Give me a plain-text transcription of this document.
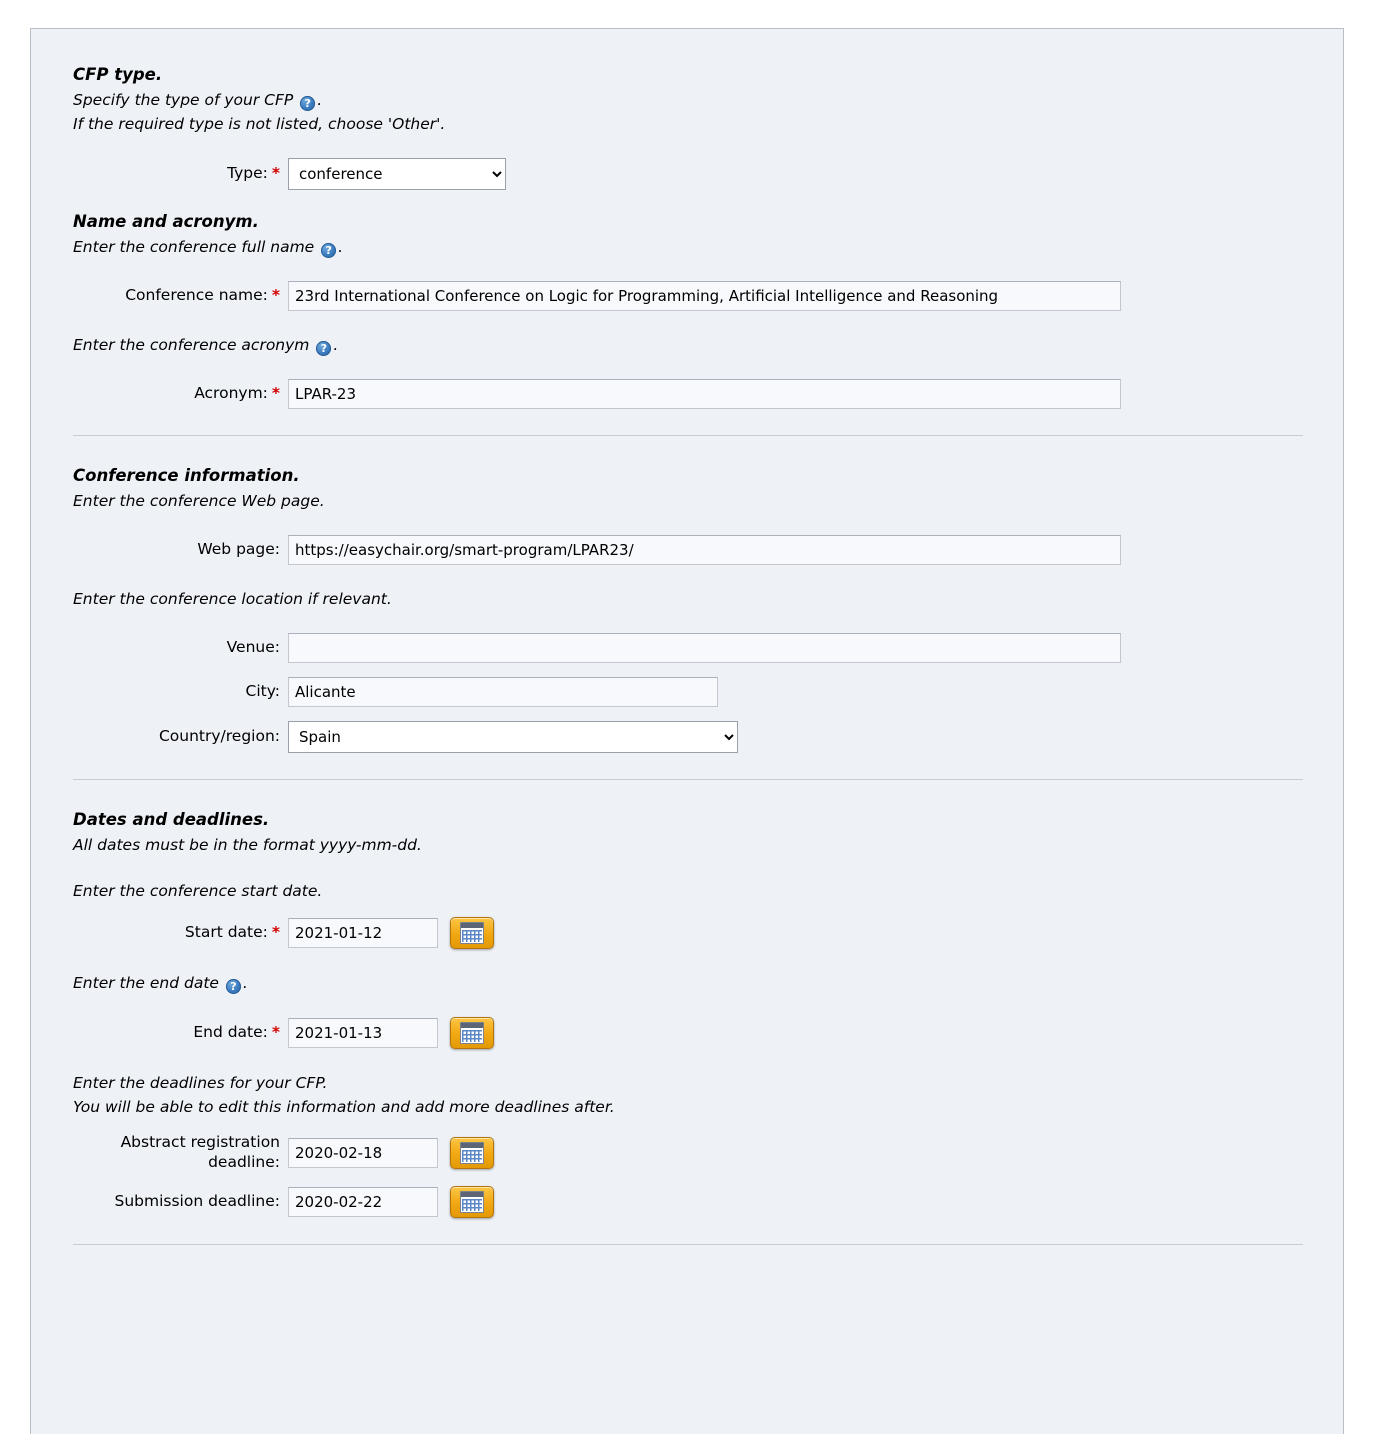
CFP type.
Specify the type of your CFP ? .
If the required type is not listed, choose 'Other'.
Type: *
conference
Name and acronym.
Enter the conference full name ? .
Conference name: *
23rd International Conference on Logic for Programming, Artificial Intelligence and Reasoning
Enter the conference acronym ? .
Acronym: *
LPAR-23
Conference information.
Enter the conference Web page.
Web page:
https://easychair.org/smart-program/LPAR23/
Enter the conference location if relevant.
Venue:
City:
Alicante
Country/region:
Spain
Dates and deadlines.
All dates must be in the format yyyy-mm-dd.
Enter the conference start date.
Start date: *
2021-01-12
Enter the end date ? .
End date: *
2021-01-13
Enter the deadlines for your CFP.
You will be able to edit this information and add more deadlines after.
Abstract registration
deadline:
2020-02-18
Submission deadline:
2020-02-22
